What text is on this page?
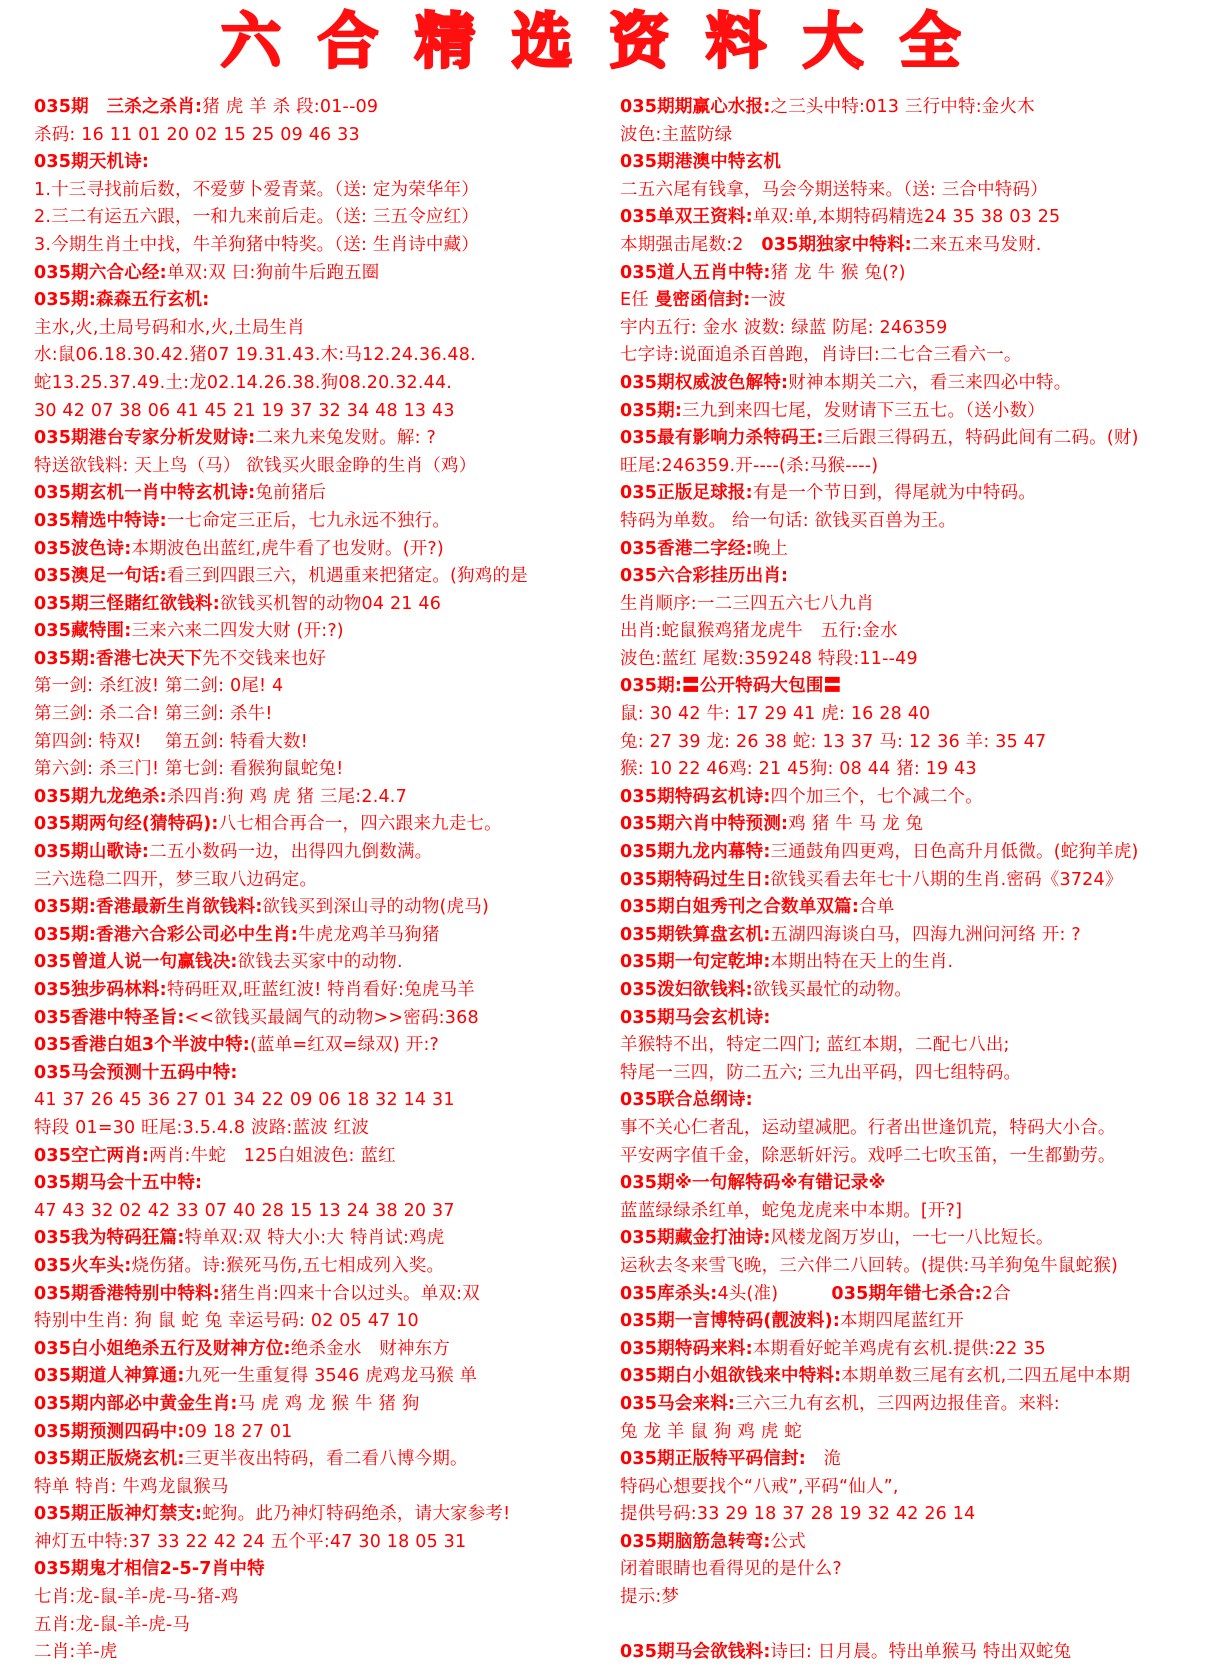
六 合 精 选 资 料 大 全
035期　三杀之杀肖:猪 虎 羊 杀 段:01--09
杀码: 16 11 01 20 02 15 25 09 46 33
035期天机诗:
1.十三寻找前后数，不爱萝卜爱青菜。（送: 定为荣华年）
2.三二有运五六跟，一和九来前后走。（送: 三五令应红）
3.今期生肖土中找，牛羊狗猪中特奖。（送: 生肖诗中藏）
035期六合心经:单双:双 曰:狗前牛后跑五圈
035期:森森五行玄机:
主水,火,土局号码和水,火,土局生肖
水:鼠06.18.30.42.猪07 19.31.43.木:马12.24.36.48.
蛇13.25.37.49.土:龙02.14.26.38.狗08.20.32.44.
30 42 07 38 06 41 45 21 19 37 32 34 48 13 43
035期港台专家分析发财诗:二来九来兔发财。解: ?
特送欲钱料: 天上鸟（马） 欲钱买火眼金睁的生肖（鸡）
035期玄机一肖中特玄机诗:兔前猪后
035精选中特诗:一七命定三正后，七九永远不独行。
035波色诗:本期波色出蓝红,虎牛看了也发财。(开?)
035澳足一句话:看三到四跟三六，机遇重来把猪定。(狗鸡的是
035期三怪賭红欲钱料:欲钱买机智的动物04 21 46
035藏特围:三来六来二四发大财 (开:?)
035期:香港七决天下先不交钱来也好
第一剑: 杀红波! 第二剑: 0尾! 4
第三剑: 杀二合! 第三剑: 杀牛!
第四剑: 特双! 　第五剑: 特看大数!
第六剑: 杀三门! 第七剑: 看猴狗鼠蛇兔!
035期九龙绝杀:杀四肖:狗 鸡 虎 猪 三尾:2.4.7
035期两句经(猜特码):八七相合再合一，四六跟来九走七。
035期山歌诗:二五小数码一边，出得四九倒数满。
三六选稳二四开，梦三取八边码定。
035期:香港最新生肖欲钱料:欲钱买到深山寻的动物(虎马)
035期:香港六合彩公司必中生肖:牛虎龙鸡羊马狗猪
035曾道人说一句赢钱决:欲钱去买家中的动物.
035独步码林料:特码旺双,旺蓝红波! 特肖看好:兔虎马羊
035香港中特圣旨:<<欲钱买最阔气的动物>>密码:368
035香港白姐3个半波中特:(蓝单=红双=绿双) 开:?
035马会预测十五码中特:
41 37 26 45 36 27 01 34 22 09 06 18 32 14 31
特段 01=30 旺尾:3.5.4.8 波路:蓝波 红波
035空亡两肖:两肖:牛蛇　125白姐波色: 蓝红
035期马会十五中特:
47 43 32 02 42 33 07 40 28 15 13 24 38 20 37
035我为特码狂篇:特单双:双 特大小:大 特肖试:鸡虎
035火车头:烧伤猪。诗:猴死马伤,五七相成列入奖。
035期香港特别中特料:猪生肖:四来十合以过头。单双:双
特别中生肖: 狗 鼠 蛇 兔 幸运号码: 02 05 47 10
035白小姐绝杀五行及财神方位:绝杀金水　财神东方
035期道人神算通:九死一生重复得 3546 虎鸡龙马猴 单
035期内部必中黄金生肖:马 虎 鸡 龙 猴 牛 猪 狗
035期预测四码中:09 18 27 01
035期正版烧玄机:三更半夜出特码，看二看八博今期。
特单 特肖: 牛鸡龙鼠猴马
035期正版神灯禁支:蛇狗。此乃神灯特码绝杀，请大家参考!
神灯五中特:37 33 22 42 24 五个平:47 30 18 05 31
035期鬼才相信2-5-7肖中特
七肖:龙-鼠-羊-虎-马-猪-鸡
五肖:龙-鼠-羊-虎-马
二肖:羊-虎
035期期赢心水报:之三头中特:013 三行中特:金火木
波色:主蓝防绿
035期港澳中特玄机
二五六尾有钱拿，马会今期送特来。（送: 三合中特码）
035单双王资料:单双:单,本期特码精选24 35 38 03 25
本期强击尾数:2　035期独家中特料:二来五来马发财.
035道人五肖中特:猪 龙 牛 猴 兔(?)
E任 曼密函信封:一波
宇内五行: 金水 波数: 绿蓝 防尾: 246359
七字诗:说面追杀百兽跑，肖诗曰:二七合三看六一。
035期权威波色解特:财神本期关二六，看三来四必中特。
035期:三九到来四七尾，发财请下三五七。（送小数）
035最有影响力杀特码王:三后跟三得码五，特码此间有二码。(财)
旺尾:246359.开----(杀:马猴----)
035正版足球报:有是一个节日到，得尾就为中特码。
特码为单数。 给一句话: 欲钱买百兽为王。
035香港二字经:晚上
035六合彩挂历出肖:
生肖顺序:一二三四五六七八九肖
出肖:蛇鼠猴鸡猪龙虎牛　五行:金水
波色:蓝红 尾数:359248 特段:11--49
035期:〓公开特码大包围〓
鼠: 30 42 牛: 17 29 41 虎: 16 28 40
兔: 27 39 龙: 26 38 蛇: 13 37 马: 12 36 羊: 35 47
猴: 10 22 46鸡: 21 45狗: 08 44 猪: 19 43
035期特码玄机诗:四个加三个，七个减二个。
035期六肖中特预测:鸡 猪 牛 马 龙 兔
035期九龙内幕特:三通鼓角四更鸡，日色高升月低微。(蛇狗羊虎)
035期特码过生日:欲钱买看去年七十八期的生肖.密码《3724》
035期白姐秀刊之合数单双篇:合单
035期铁算盘玄机:五湖四海谈白马，四海九洲问河络 开: ?
035期一句定乾坤:本期出特在天上的生肖.
035泼妇欲钱料:欲钱买最忙的动物。
035期马会玄机诗:
羊猴特不出，特定二四门; 蓝红本期，二配七八出;
特尾一三四，防二五六; 三九出平码，四七组特码。
035联合总纲诗:
事不关心仁者乱，运动望减肥。行者出世逢饥荒，特码大小合。
平安两字值千金，除恶斩奸污。戏呼二七吹玉笛，一生都勤劳。
035期※一句解特码※有错记录※
蓝蓝绿绿杀红单，蛇兔龙虎来中本期。[开?]
035期藏金打油诗:风楼龙阁万岁山，一七一八比短长。
运秋去冬来雪飞晚，三六伴二八回转。(提供:马羊狗兔牛鼠蛇猴)
035库杀头:4头(准)　　　035期年错七杀合:2合
035期一言博特码(靓波料):本期四尾蓝红开
035期特码来料:本期看好蛇羊鸡虎有玄机.提供:22 35
035期白小姐欲钱来中特料:本期单数三尾有玄机,二四五尾中本期
035马会来料:三六三九有玄机，三四两边报佳音。来料:
兔 龙 羊 鼠 狗 鸡 虎 蛇
035期正版特平码信封:　洈
特码心想要找个“八戒”,平码“仙人”,
提供号码:33 29 18 37 28 19 32 42 26 14
035期脑筋急转弯:公式
闭着眼睛也看得见的是什么?
提示:梦
035期马会欲钱料:诗曰: 日月晨。特出单猴马 特出双蛇兔
